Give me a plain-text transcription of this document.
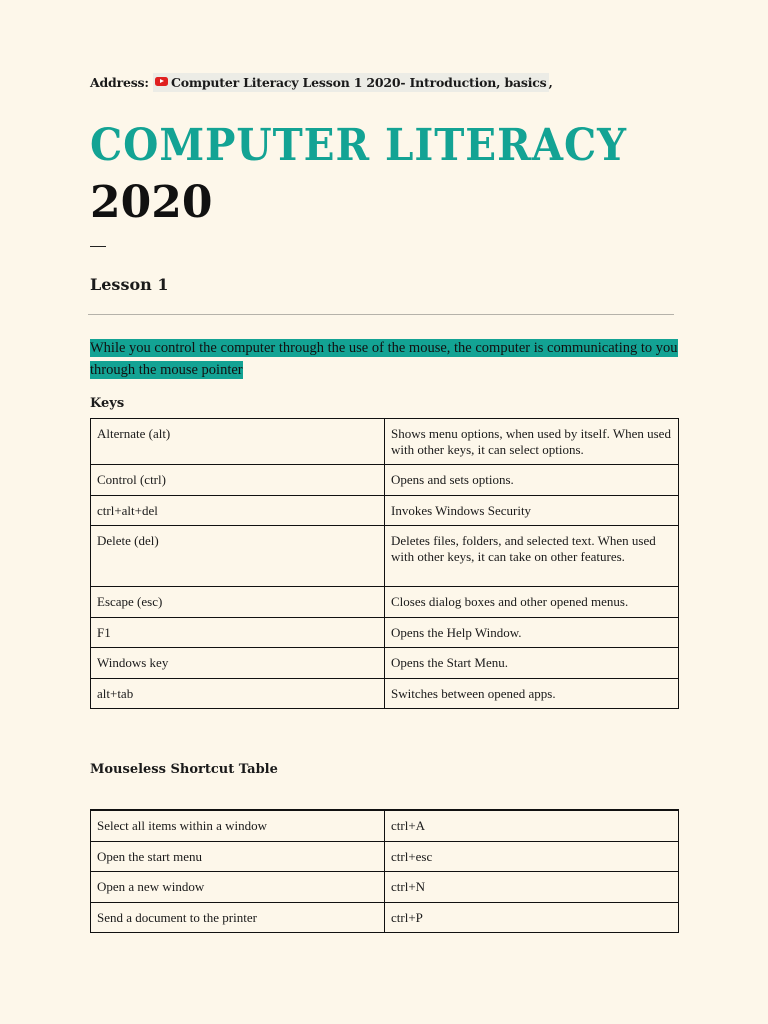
Address: Computer Literacy Lesson 1 2020- Introduction, basics ,
COMPUTER LITERACY
2020
Lesson 1
While you control the computer through the use of the mouse, the computer is communicating to you through the mouse pointer
Keys
Alternate (alt)	Shows menu options, when used by itself. When used with other keys, it can select options.
Control (ctrl)	Opens and sets options.
ctrl+alt+del	Invokes Windows Security
Delete (del)	Deletes files, folders, and selected text. When used with other keys, it can take on other features.
Escape (esc)	Closes dialog boxes and other opened menus.
F1	Opens the Help Window.
Windows key	Opens the Start Menu.
alt+tab	Switches between opened apps.
Mouseless Shortcut Table
Select all items within a window	ctrl+A
Open the start menu	ctrl+esc
Open a new window	ctrl+N
Send a document to the printer	ctrl+P
